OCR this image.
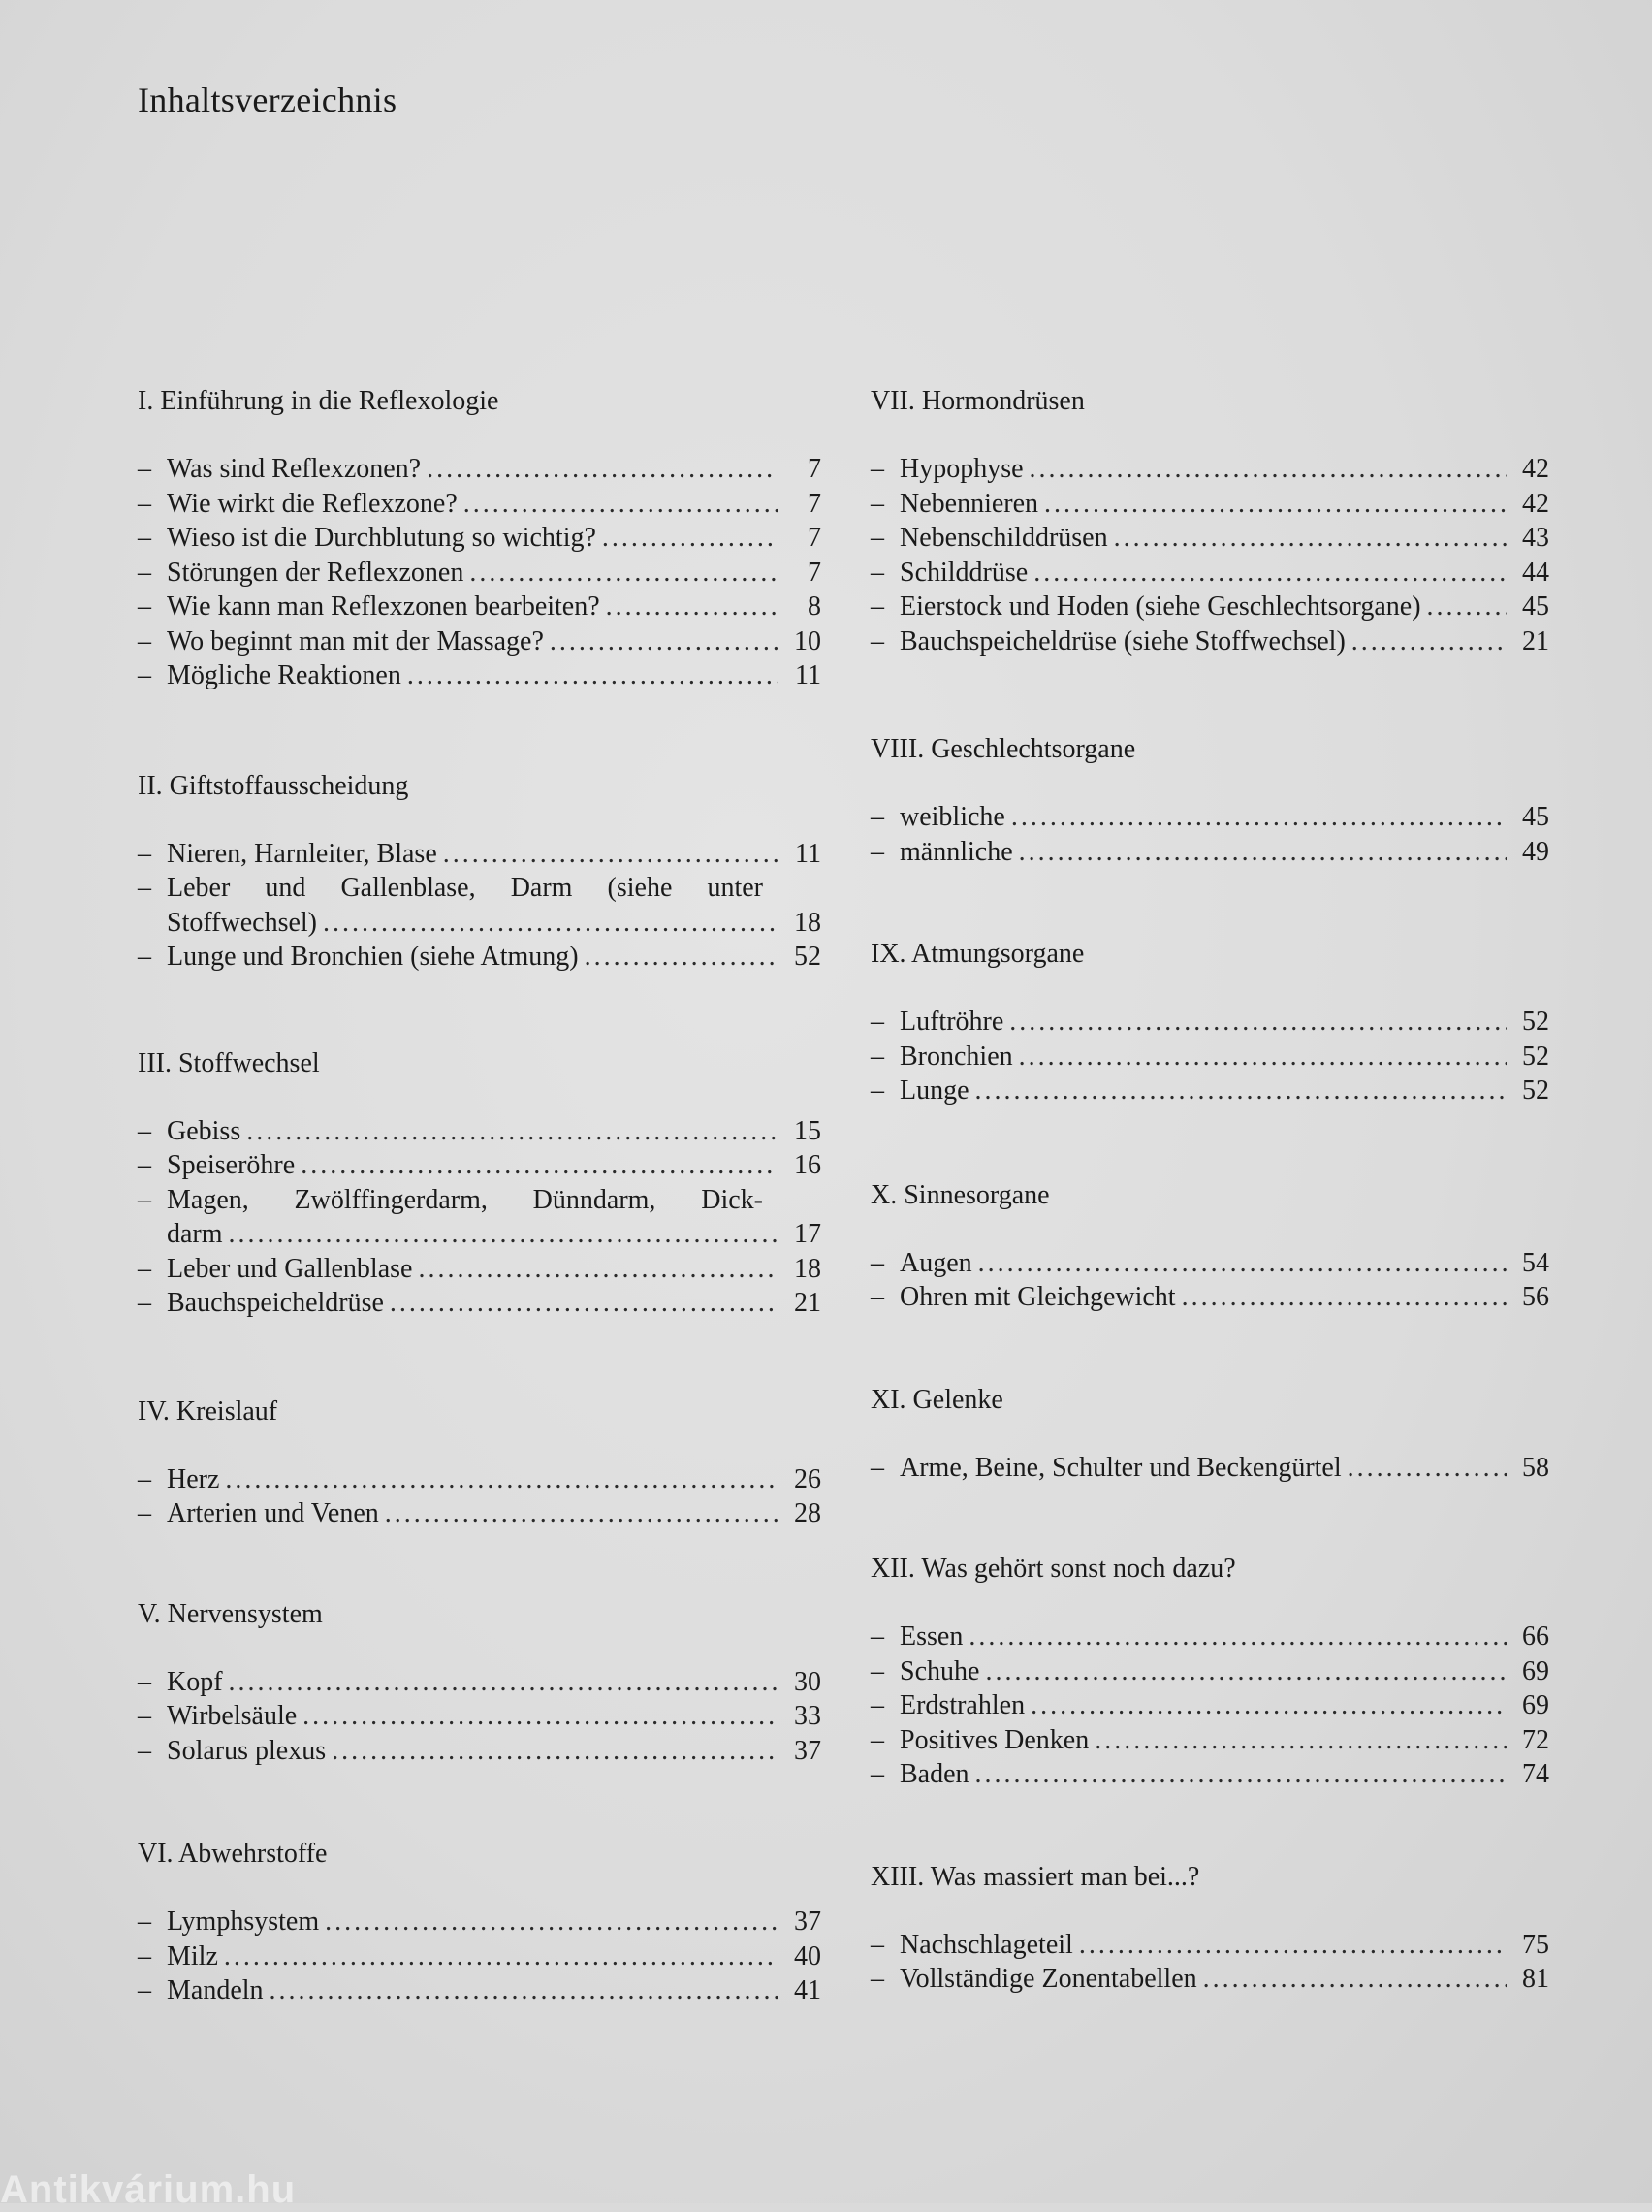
Inhaltsverzeichnis
I. Einführung in die Reflexologie
– Was sind Reflexzonen? . . .	7
– Wie wirkt die Reflexzone? . . .	7
– Wieso ist die Durchblutung so wichtig? . . .	7
– Störungen der Reflexzonen . . .	7
– Wie kann man Reflexzonen bearbeiten? . . .	8
– Wo beginnt man mit der Massage? . . .	10
– Mögliche Reaktionen . . .	11
II. Giftstoffausscheidung
– Nieren, Harnleiter, Blase . . .	11
– Leber und Gallenblase, Darm (siehe unter
Stoffwechsel) . . .	18
– Lunge und Bronchien (siehe Atmung) . . .	52
III. Stoffwechsel
– Gebiss . . .	15
– Speiseröhre . . .	16
– Magen, Zwölffingerdarm, Dünndarm, Dick-
darm . . .	17
– Leber und Gallenblase . . .	18
– Bauchspeicheldrüse . . .	21
IV. Kreislauf
– Herz . . .	26
– Arterien und Venen . . .	28
V. Nervensystem
– Kopf . . .	30
– Wirbelsäule . . .	33
– Solarus plexus . . .	37
VI. Abwehrstoffe
– Lymphsystem . . .	37
– Milz . . .	40
– Mandeln . . .	41
VII. Hormondrüsen
– Hypophyse . . .	42
– Nebennieren . . .	42
– Nebenschilddrüsen . . .	43
– Schilddrüse . . .	44
– Eierstock und Hoden (siehe Geschlechtsorgane) . . .	45
– Bauchspeicheldrüse (siehe Stoffwechsel) . . .	21
VIII. Geschlechtsorgane
– weibliche . . .	45
– männliche . . .	49
IX. Atmungsorgane
– Luftröhre . . .	52
– Bronchien . . .	52
– Lunge . . .	52
X. Sinnesorgane
– Augen . . .	54
– Ohren mit Gleichgewicht . . .	56
XI. Gelenke
– Arme, Beine, Schulter und Beckengürtel . . .	58
XII. Was gehört sonst noch dazu?
– Essen . . .	66
– Schuhe . . .	69
– Erdstrahlen . . .	69
– Positives Denken . . .	72
– Baden . . .	74
XIII. Was massiert man bei...?
– Nachschlageteil . . .	75
– Vollständige Zonentabellen . . .	81
Antikvárium.hu
